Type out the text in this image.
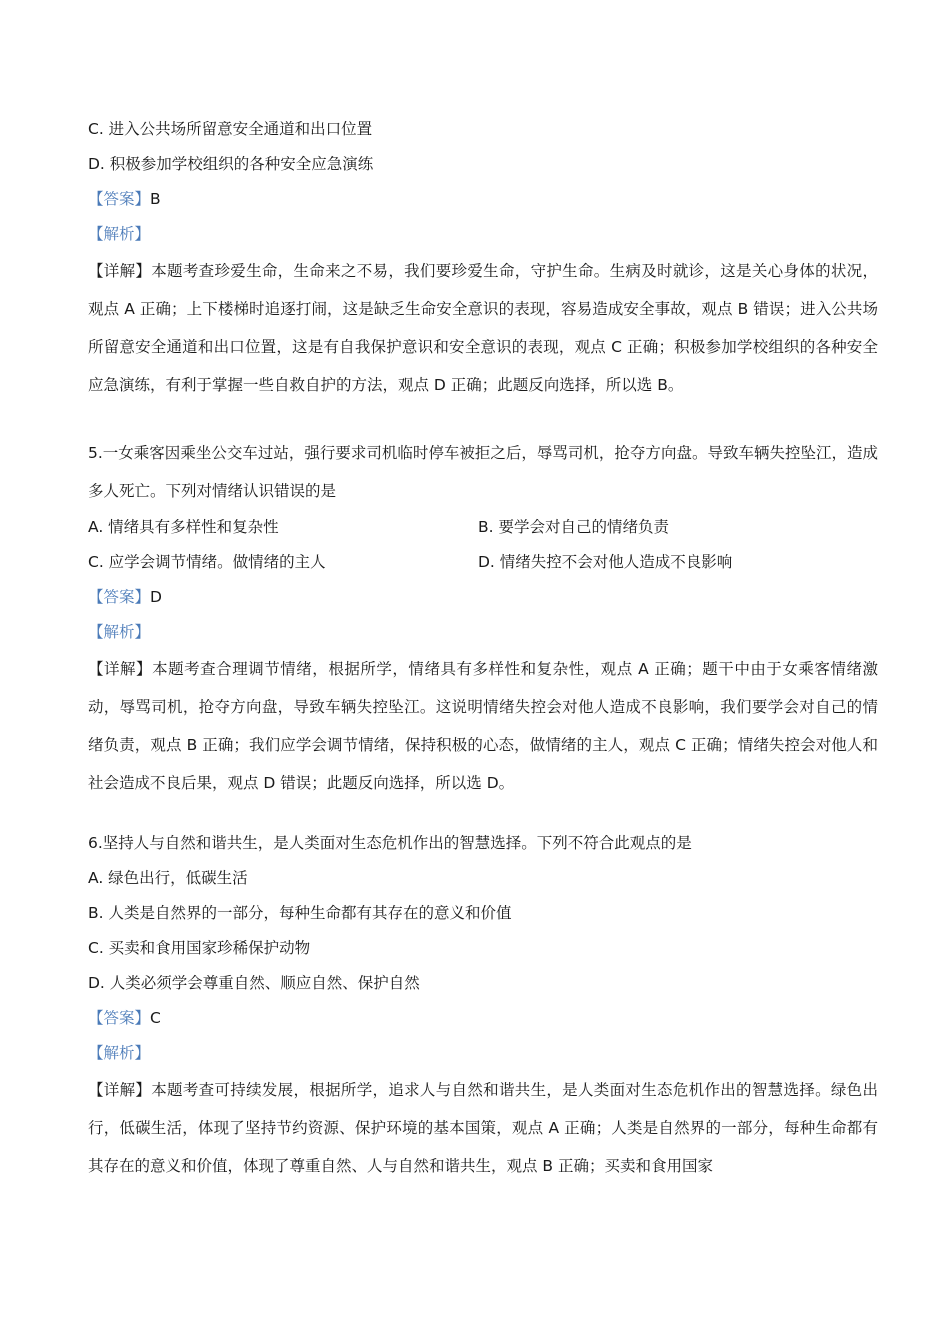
C. 进入公共场所留意安全通道和出口位置
D. 积极参加学校组织的各种安全应急演练
【答案】B
【解析】
【详解】本题考查珍爱生命，生命来之不易，我们要珍爱生命，守护生命。生病及时就诊，这是关心身体的状况，观点 A 正确；上下楼梯时追逐打闹，这是缺乏生命安全意识的表现，容易造成安全事故，观点 B 错误；进入公共场所留意安全通道和出口位置，这是有自我保护意识和安全意识的表现，观点 C 正确；积极参加学校组织的各种安全应急演练，有利于掌握一些自救自护的方法，观点 D 正确；此题反向选择，所以选 B。
5.一女乘客因乘坐公交车过站，强行要求司机临时停车被拒之后，辱骂司机，抢夺方向盘。导致车辆失控坠江，造成多人死亡。下列对情绪认识错误的是
A. 情绪具有多样性和复杂性	B. 要学会对自己的情绪负责
C. 应学会调节情绪。做情绪的主人	D. 情绪失控不会对他人造成不良影响
【答案】D
【解析】
【详解】本题考查合理调节情绪，根据所学，情绪具有多样性和复杂性，观点 A 正确；题干中由于女乘客情绪激动，辱骂司机，抢夺方向盘，导致车辆失控坠江。这说明情绪失控会对他人造成不良影响，我们要学会对自己的情绪负责，观点 B 正确；我们应学会调节情绪，保持积极的心态，做情绪的主人，观点 C 正确；情绪失控会对他人和社会造成不良后果，观点 D 错误；此题反向选择，所以选 D。
6.坚持人与自然和谐共生，是人类面对生态危机作出的智慧选择。下列不符合此观点的是
A. 绿色出行，低碳生活
B. 人类是自然界的一部分，每种生命都有其存在的意义和价值
C. 买卖和食用国家珍稀保护动物
D. 人类必须学会尊重自然、顺应自然、保护自然
【答案】C
【解析】
【详解】本题考查可持续发展，根据所学，追求人与自然和谐共生，是人类面对生态危机作出的智慧选择。绿色出行，低碳生活，体现了坚持节约资源、保护环境的基本国策，观点 A 正确；人类是自然界的一部分，每种生命都有其存在的意义和价值，体现了尊重自然、人与自然和谐共生，观点 B 正确；买卖和食用国家
